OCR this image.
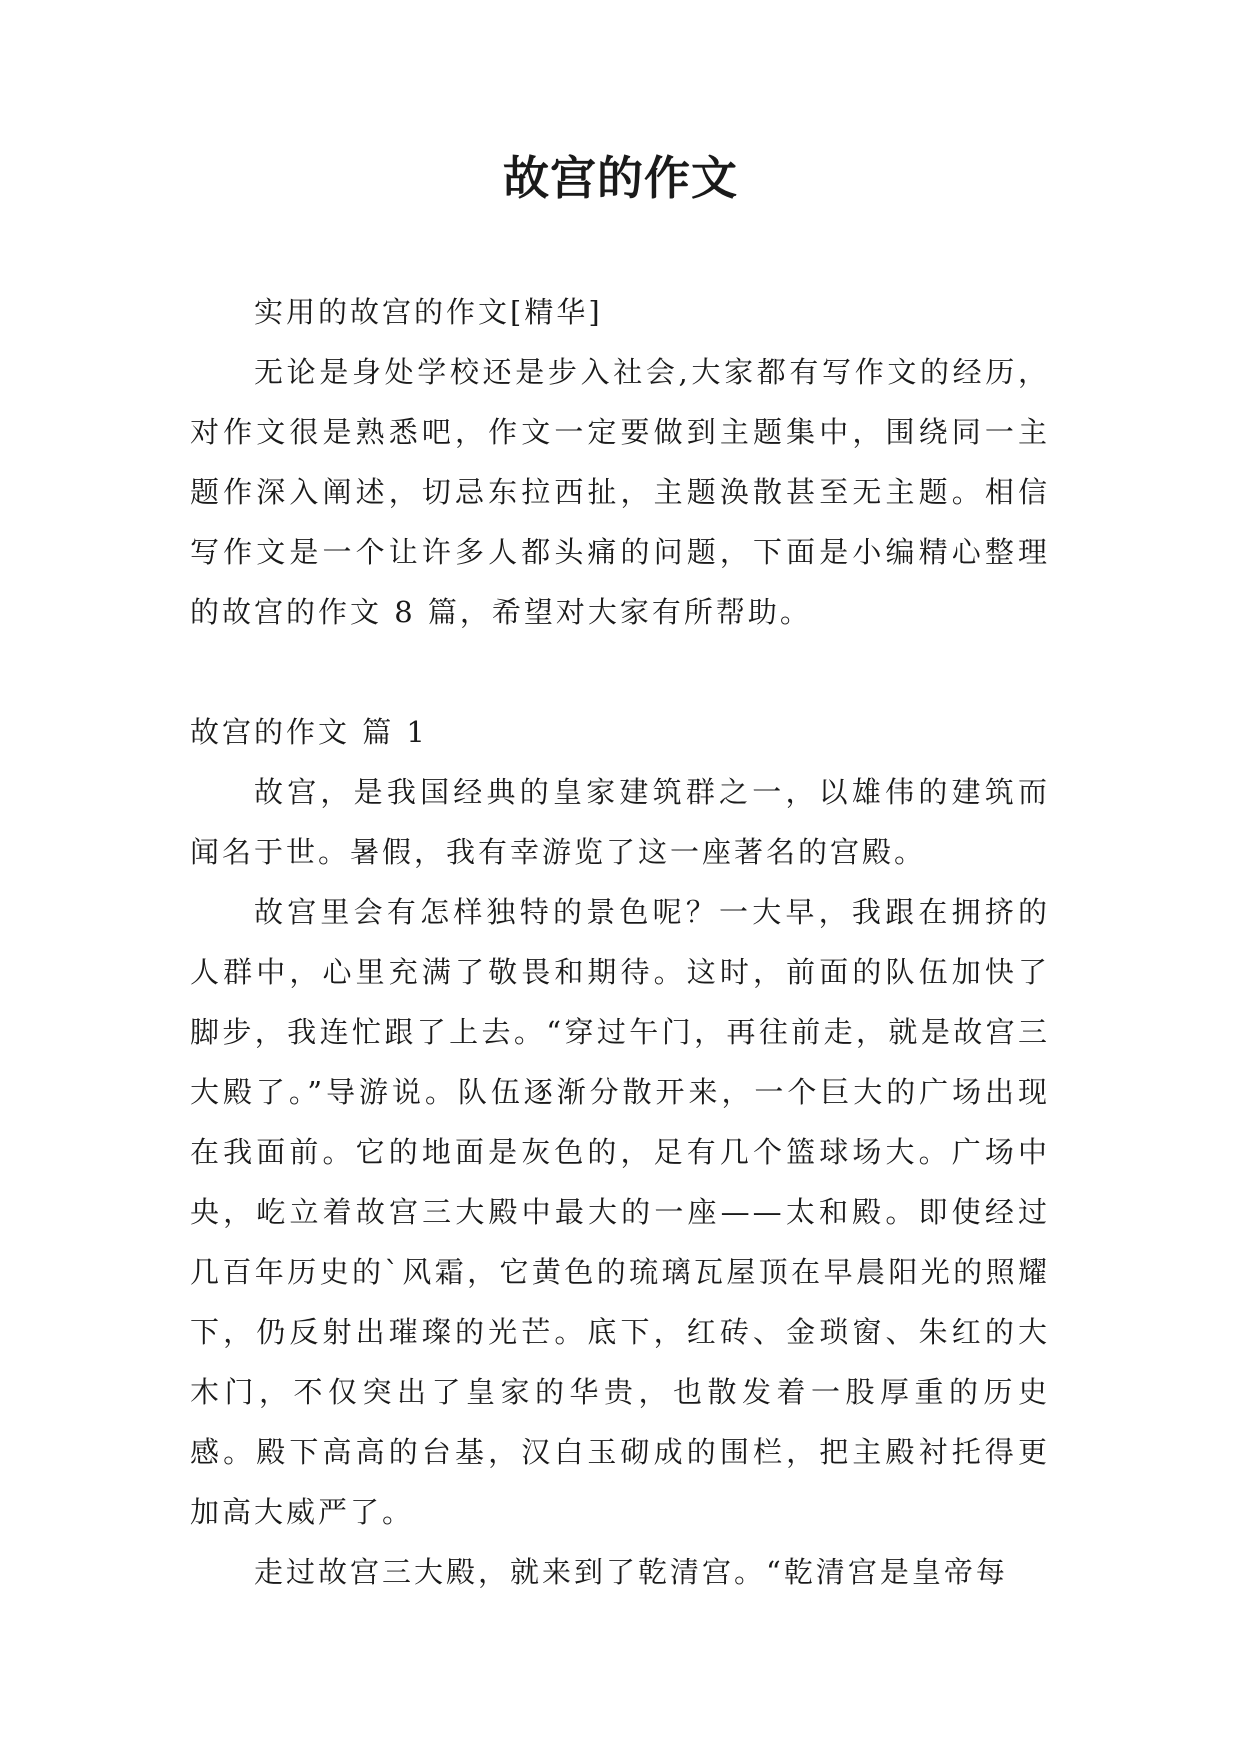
故宫的作文

实用的故宫的作文[精华]

无论是身处学校还是步入社会,大家都有写作文的经历，对作文很是熟悉吧，作文一定要做到主题集中，围绕同一主题作深入阐述，切忌东拉西扯，主题涣散甚至无主题。相信写作文是一个让许多人都头痛的问题，下面是小编精心整理的故宫的作文 8 篇，希望对大家有所帮助。

故宫的作文 篇 1

故宫，是我国经典的皇家建筑群之一，以雄伟的建筑而闻名于世。暑假，我有幸游览了这一座著名的宫殿。

故宫里会有怎样独特的景色呢？一大早，我跟在拥挤的人群中，心里充满了敬畏和期待。这时，前面的队伍加快了脚步，我连忙跟了上去。“穿过午门，再往前走，就是故宫三大殿了。”导游说。队伍逐渐分散开来，一个巨大的广场出现在我面前。它的地面是灰色的，足有几个篮球场大。广场中央，屹立着故宫三大殿中最大的一座——太和殿。即使经过几百年历史的`风霜，它黄色的琉璃瓦屋顶在早晨阳光的照耀下，仍反射出璀璨的光芒。底下，红砖、金琐窗、朱红的大木门，不仅突出了皇家的华贵，也散发着一股厚重的历史感。殿下高高的台基，汉白玉砌成的围栏，把主殿衬托得更加高大威严了。

走过故宫三大殿，就来到了乾清宫。“乾清宫是皇帝每
